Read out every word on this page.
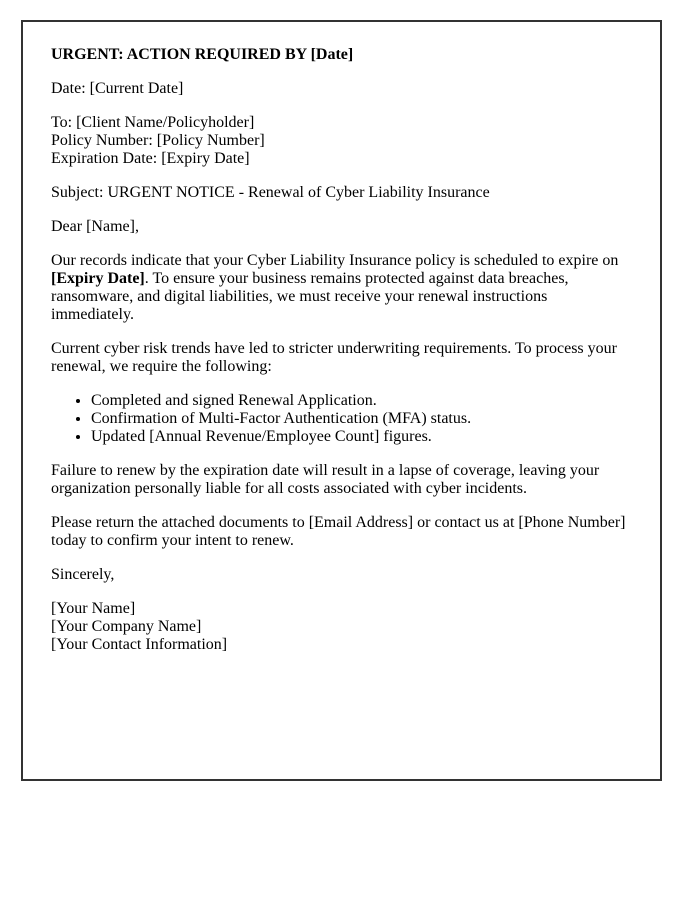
URGENT: ACTION REQUIRED BY [Date]

Date: [Current Date]

To: [Client Name/Policyholder]
Policy Number: [Policy Number]
Expiration Date: [Expiry Date]

Subject: URGENT NOTICE - Renewal of Cyber Liability Insurance

Dear [Name],

Our records indicate that your Cyber Liability Insurance policy is scheduled to expire on [Expiry Date]. To ensure your business remains protected against data breaches, ransomware, and digital liabilities, we must receive your renewal instructions immediately.

Current cyber risk trends have led to stricter underwriting requirements. To process your renewal, we require the following:

• Completed and signed Renewal Application.
• Confirmation of Multi-Factor Authentication (MFA) status.
• Updated [Annual Revenue/Employee Count] figures.

Failure to renew by the expiration date will result in a lapse of coverage, leaving your organization personally liable for all costs associated with cyber incidents.

Please return the attached documents to [Email Address] or contact us at [Phone Number] today to confirm your intent to renew.

Sincerely,

[Your Name]
[Your Company Name]
[Your Contact Information]
